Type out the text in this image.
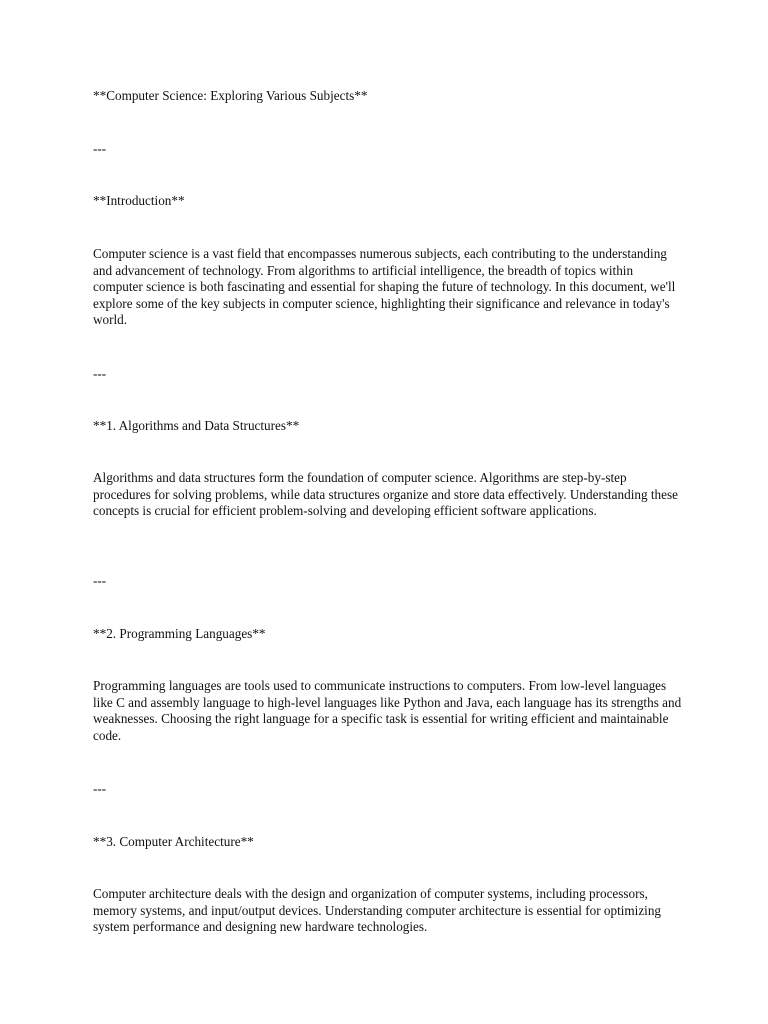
**Computer Science: Exploring Various Subjects**

---

**Introduction**

Computer science is a vast field that encompasses numerous subjects, each contributing to the understanding and advancement of technology. From algorithms to artificial intelligence, the breadth of topics within computer science is both fascinating and essential for shaping the future of technology. In this document, we'll explore some of the key subjects in computer science, highlighting their significance and relevance in today's world.

---

**1. Algorithms and Data Structures**

Algorithms and data structures form the foundation of computer science. Algorithms are step-by-step procedures for solving problems, while data structures organize and store data effectively. Understanding these concepts is crucial for efficient problem-solving and developing efficient software applications.

---

**2. Programming Languages**

Programming languages are tools used to communicate instructions to computers. From low-level languages like C and assembly language to high-level languages like Python and Java, each language has its strengths and weaknesses. Choosing the right language for a specific task is essential for writing efficient and maintainable code.

---

**3. Computer Architecture**

Computer architecture deals with the design and organization of computer systems, including processors, memory systems, and input/output devices. Understanding computer architecture is essential for optimizing system performance and designing new hardware technologies.
